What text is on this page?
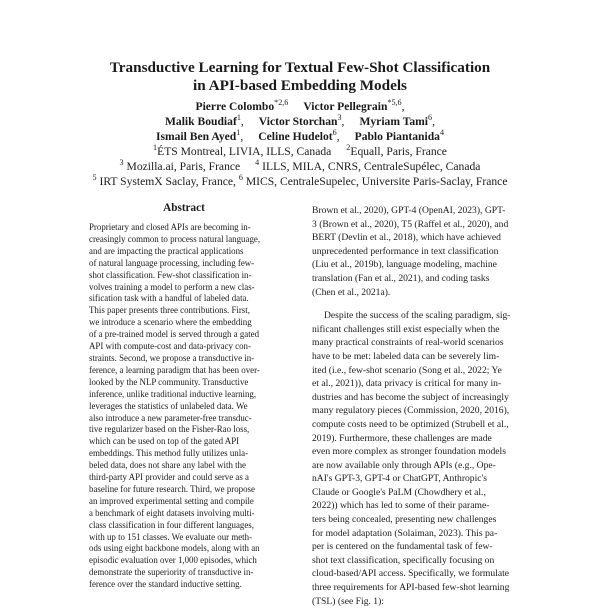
Transductive Learning for Textual Few-Shot Classification
in API-based Embedding Models
Pierre Colombo$^{*2,6}$ Victor Pellegrain$^{*5,6}$,
Malik Boudiaf$^1$, Victor Storchan$^3$, Myriam Tami$^6$,
Ismail Ben Ayed$^1$, Celine Hudelot$^6$, Pablo Piantanida$^4$
$^1$ÉTS Montreal, LIVIA, ILLS, Canada $^2$Equall, Paris, France
$^3$ Mozilla.ai, Paris, France $^4$ ILLS, MILA, CNRS, CentraleSupélec, Canada
$^5$ IRT SystemX Saclay, France, $^6$ MICS, CentraleSupelec, Universite Paris-Saclay, France
Abstract
Proprietary and closed APIs are becoming in-
creasingly common to process natural language,
and are impacting the practical applications
of natural language processing, including few-
shot classification. Few-shot classification in-
volves training a model to perform a new clas-
sification task with a handful of labeled data.
This paper presents three contributions. First,
we introduce a scenario where the embedding
of a pre-trained model is served through a gated
API with compute-cost and data-privacy con-
straints. Second, we propose a transductive in-
ference, a learning paradigm that has been over-
looked by the NLP community. Transductive
inference, unlike traditional inductive learning,
leverages the statistics of unlabeled data. We
also introduce a new parameter-free transduc-
tive regularizer based on the Fisher-Rao loss,
which can be used on top of the gated API
embeddings. This method fully utilizes unla-
beled data, does not share any label with the
third-party API provider and could serve as a
baseline for future research. Third, we propose
an improved experimental setting and compile
a benchmark of eight datasets involving multi-
class classification in four different languages,
with up to 151 classes. We evaluate our meth-
ods using eight backbone models, along with an
episodic evaluation over 1,000 episodes, which
demonstrate the superiority of transductive in-
ference over the standard inductive setting.
Brown et al., 2020), GPT-4 (OpenAI, 2023), GPT-
3 (Brown et al., 2020), T5 (Raffel et al., 2020), and
BERT (Devlin et al., 2018), which have achieved
unprecedented performance in text classification
(Liu et al., 2019b), language modeling, machine
translation (Fan et al., 2021), and coding tasks
(Chen et al., 2021a).
Despite the success of the scaling paradigm, sig-
nificant challenges still exist especially when the
many practical constraints of real-world scenarios
have to be met: labeled data can be severely lim-
ited (i.e., few-shot scenario (Song et al., 2022; Ye
et al., 2021)), data privacy is critical for many in-
dustries and has become the subject of increasingly
many regulatory pieces (Commission, 2020, 2016),
compute costs need to be optimized (Strubell et al.,
2019). Furthermore, these challenges are made
even more complex as stronger foundation models
are now available only through APIs (e.g., Ope-
nAI's GPT-3, GPT-4 or ChatGPT, Anthropic's
Claude or Google's PaLM (Chowdhery et al.,
2022)) which has led to some of their parame-
ters being concealed, presenting new challenges
for model adaptation (Solaiman, 2023). This pa-
per is centered on the fundamental task of few-
shot text classification, specifically focusing on
cloud-based/API access. Specifically, we formulate
three requirements for API-based few-shot learning
(TSL) (see Fig. 1):
